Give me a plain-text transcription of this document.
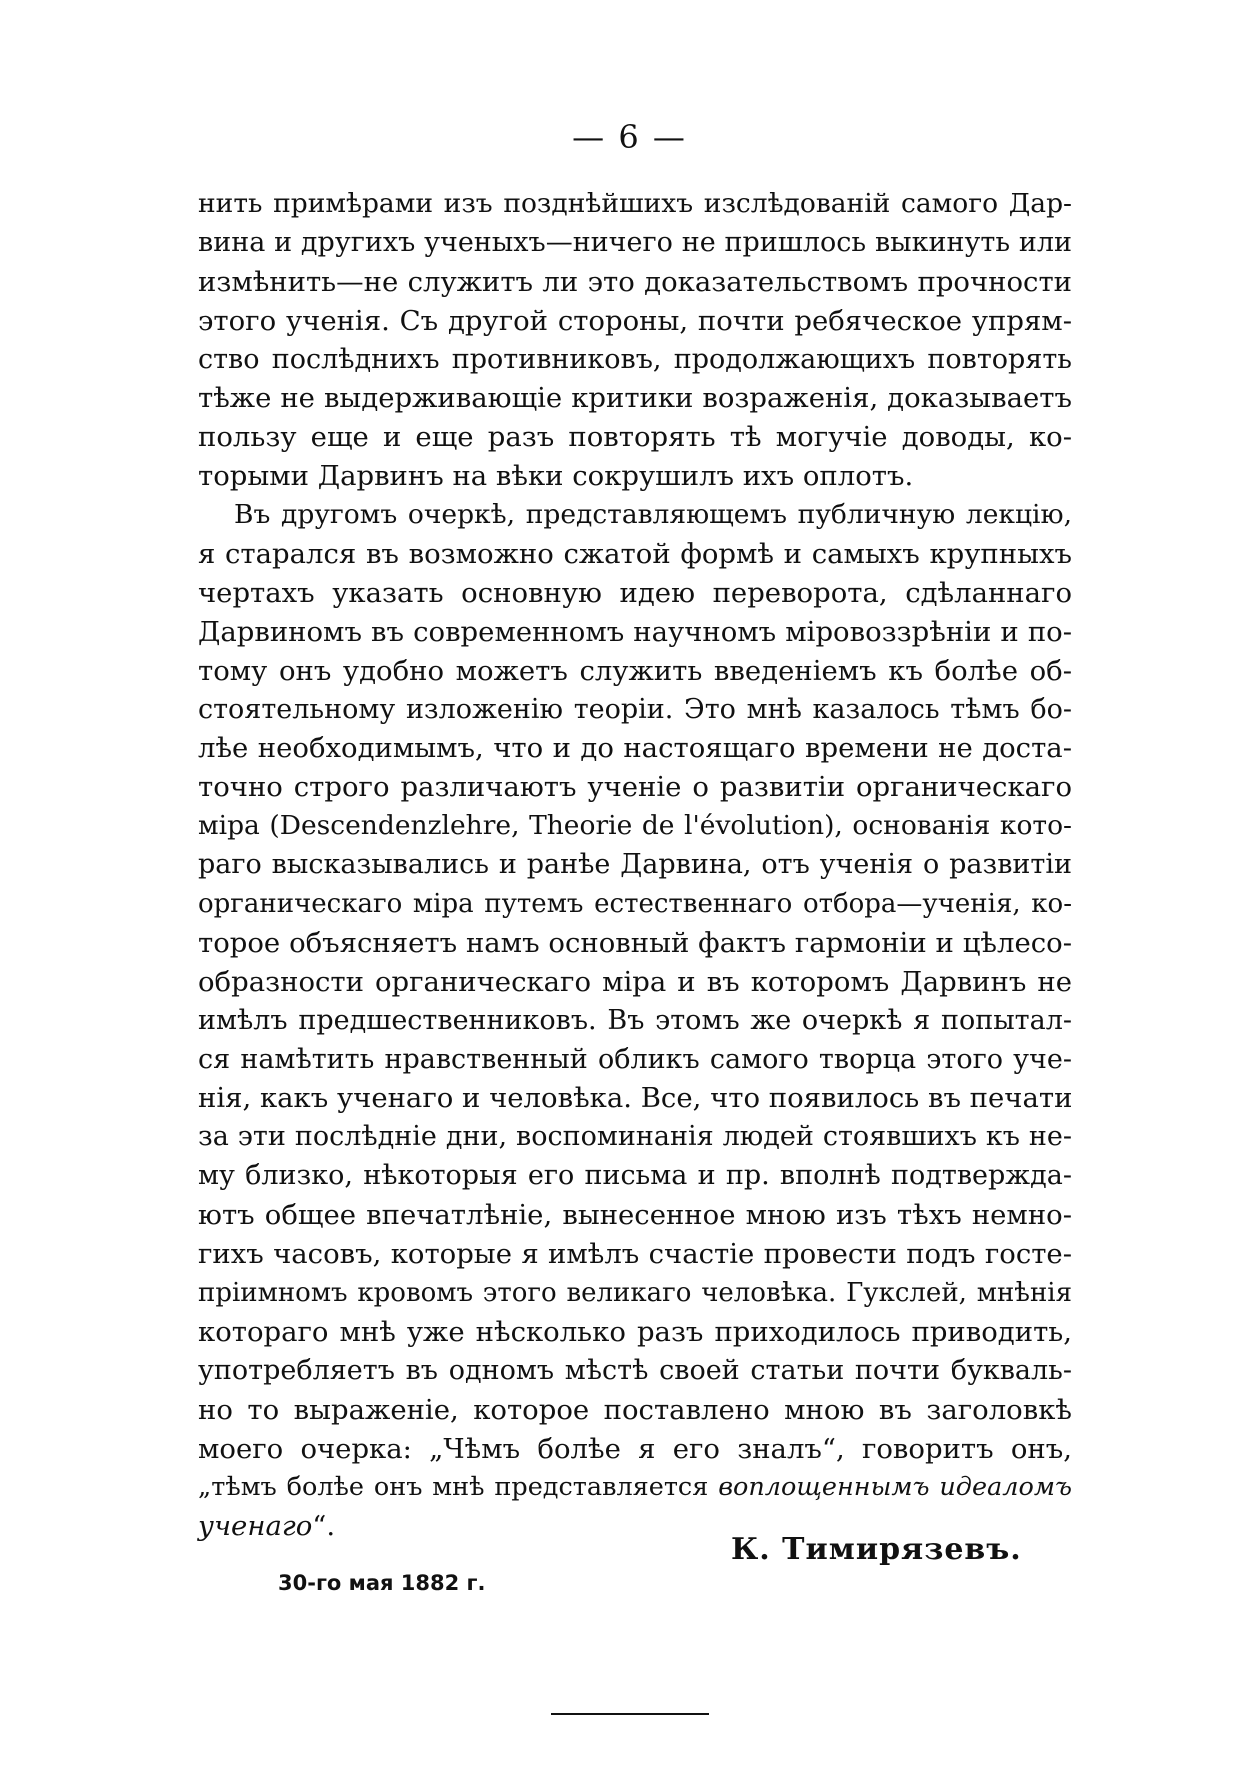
— 6 —
нить примѣрами изъ позднѣйшихъ изслѣдованій самого Дар-
вина и другихъ ученыхъ—ничего не пришлось выкинуть или
измѣнить—не служитъ ли это доказательствомъ прочности
этого ученія. Съ другой стороны, почти ребяческое упрям-
ство послѣднихъ противниковъ, продолжающихъ повторять
тѣже не выдерживающіе критики возраженія, доказываетъ
пользу еще и еще разъ повторять тѣ могучіе доводы, ко-
торыми Дарвинъ на вѣки сокрушилъ ихъ оплотъ.
Въ другомъ очеркѣ, представляющемъ публичную лекцію,
я старался въ возможно сжатой формѣ и самыхъ крупныхъ
чертахъ указать основную идею переворота, сдѣланнаго
Дарвиномъ въ современномъ научномъ міровоззрѣніи и по-
тому онъ удобно можетъ служить введеніемъ къ болѣе об-
стоятельному изложенію теоріи. Это мнѣ казалось тѣмъ бо-
лѣе необходимымъ, что и до настоящаго времени не доста-
точно строго различаютъ ученіе о развитіи органическаго
міра (Descendenzlehre, Theorie de l'évolution), основанія кото-
раго высказывались и ранѣе Дарвина, отъ ученія о развитіи
органическаго міра путемъ естественнаго отбора—ученія, ко-
торое объясняетъ намъ основный фактъ гармоніи и цѣлесо-
образности органическаго міра и въ которомъ Дарвинъ не
имѣлъ предшественниковъ. Въ этомъ же очеркѣ я попытал-
ся намѣтить нравственный обликъ самого творца этого уче-
нія, какъ ученаго и человѣка. Все, что появилось въ печати
за эти послѣдніе дни, воспоминанія людей стоявшихъ къ не-
му близко, нѣкоторыя его письма и пр. вполнѣ подтвержда-
ютъ общее впечатлѣніе, вынесенное мною изъ тѣхъ немно-
гихъ часовъ, которые я имѣлъ счастіе провести подъ госте-
пріимномъ кровомъ этого великаго человѣка. Гукслей, мнѣнія
котораго мнѣ уже нѣсколько разъ приходилось приводить,
употребляетъ въ одномъ мѣстѣ своей статьи почти букваль-
но то выраженіе, которое поставлено мною въ заголовкѣ
моего очерка: „Чѣмъ болѣе я его зналъ“, говоритъ онъ,
„тѣмъ болѣе онъ мнѣ представляется воплощеннымъ идеаломъ
ученаго“.
К. Тимирязевъ.
30-го мая 1882 г.
